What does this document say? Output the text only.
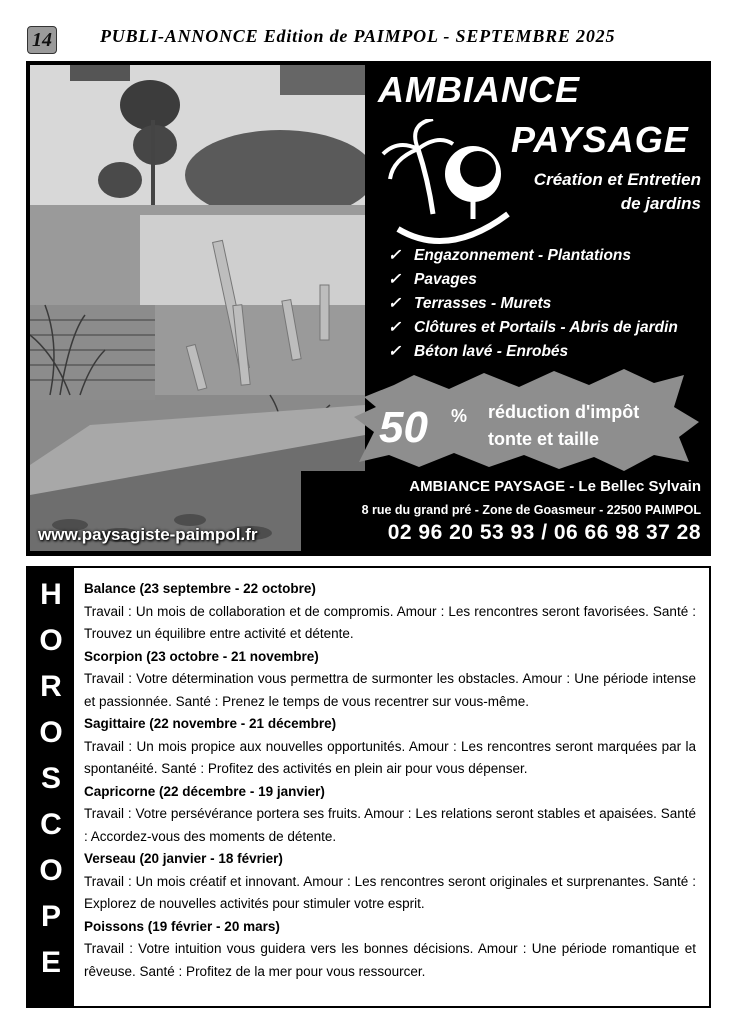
14	PUBLI-ANNONCE Edition de PAIMPOL - SEPTEMBRE 2025
AMBIANCE
PAYSAGE
Création et Entretien
de jardins
✓ Engazonnement - Plantations
✓ Pavages
✓ Terrasses - Murets
✓ Clôtures et Portails - Abris de jardin
✓ Béton lavé - Enrobés
50 % réduction d'impôt
tonte et taille
AMBIANCE PAYSAGE - Le Bellec Sylvain
8 rue du grand pré - Zone de Goasmeur - 22500 PAIMPOL
02 96 20 53 93 / 06 66 98 37 28
www.paysagiste-paimpol.fr
H
O
R
O
S
C
O
P
E
Balance (23 septembre - 22 octobre)
Travail : Un mois de collaboration et de compromis. Amour : Les rencontres seront favorisées. Santé : Trouvez un équilibre entre activité et détente.
Scorpion (23 octobre - 21 novembre)
Travail : Votre détermination vous permettra de surmonter les obstacles. Amour : Une période intense et passionnée. Santé : Prenez le temps de vous recentrer sur vous-même.
Sagittaire (22 novembre - 21 décembre)
Travail : Un mois propice aux nouvelles opportunités. Amour : Les rencontres seront marquées par la spontanéité. Santé : Profitez des activités en plein air pour vous dépenser.
Capricorne (22 décembre - 19 janvier)
Travail : Votre persévérance portera ses fruits. Amour : Les relations seront stables et apaisées. Santé : Accordez-vous des moments de détente.
Verseau (20 janvier - 18 février)
Travail : Un mois créatif et innovant. Amour : Les rencontres seront originales et surprenantes. Santé : Explorez de nouvelles activités pour stimuler votre esprit.
Poissons (19 février - 20 mars)
Travail : Votre intuition vous guidera vers les bonnes décisions. Amour : Une période romantique et rêveuse. Santé : Profitez de la mer pour vous ressourcer.
